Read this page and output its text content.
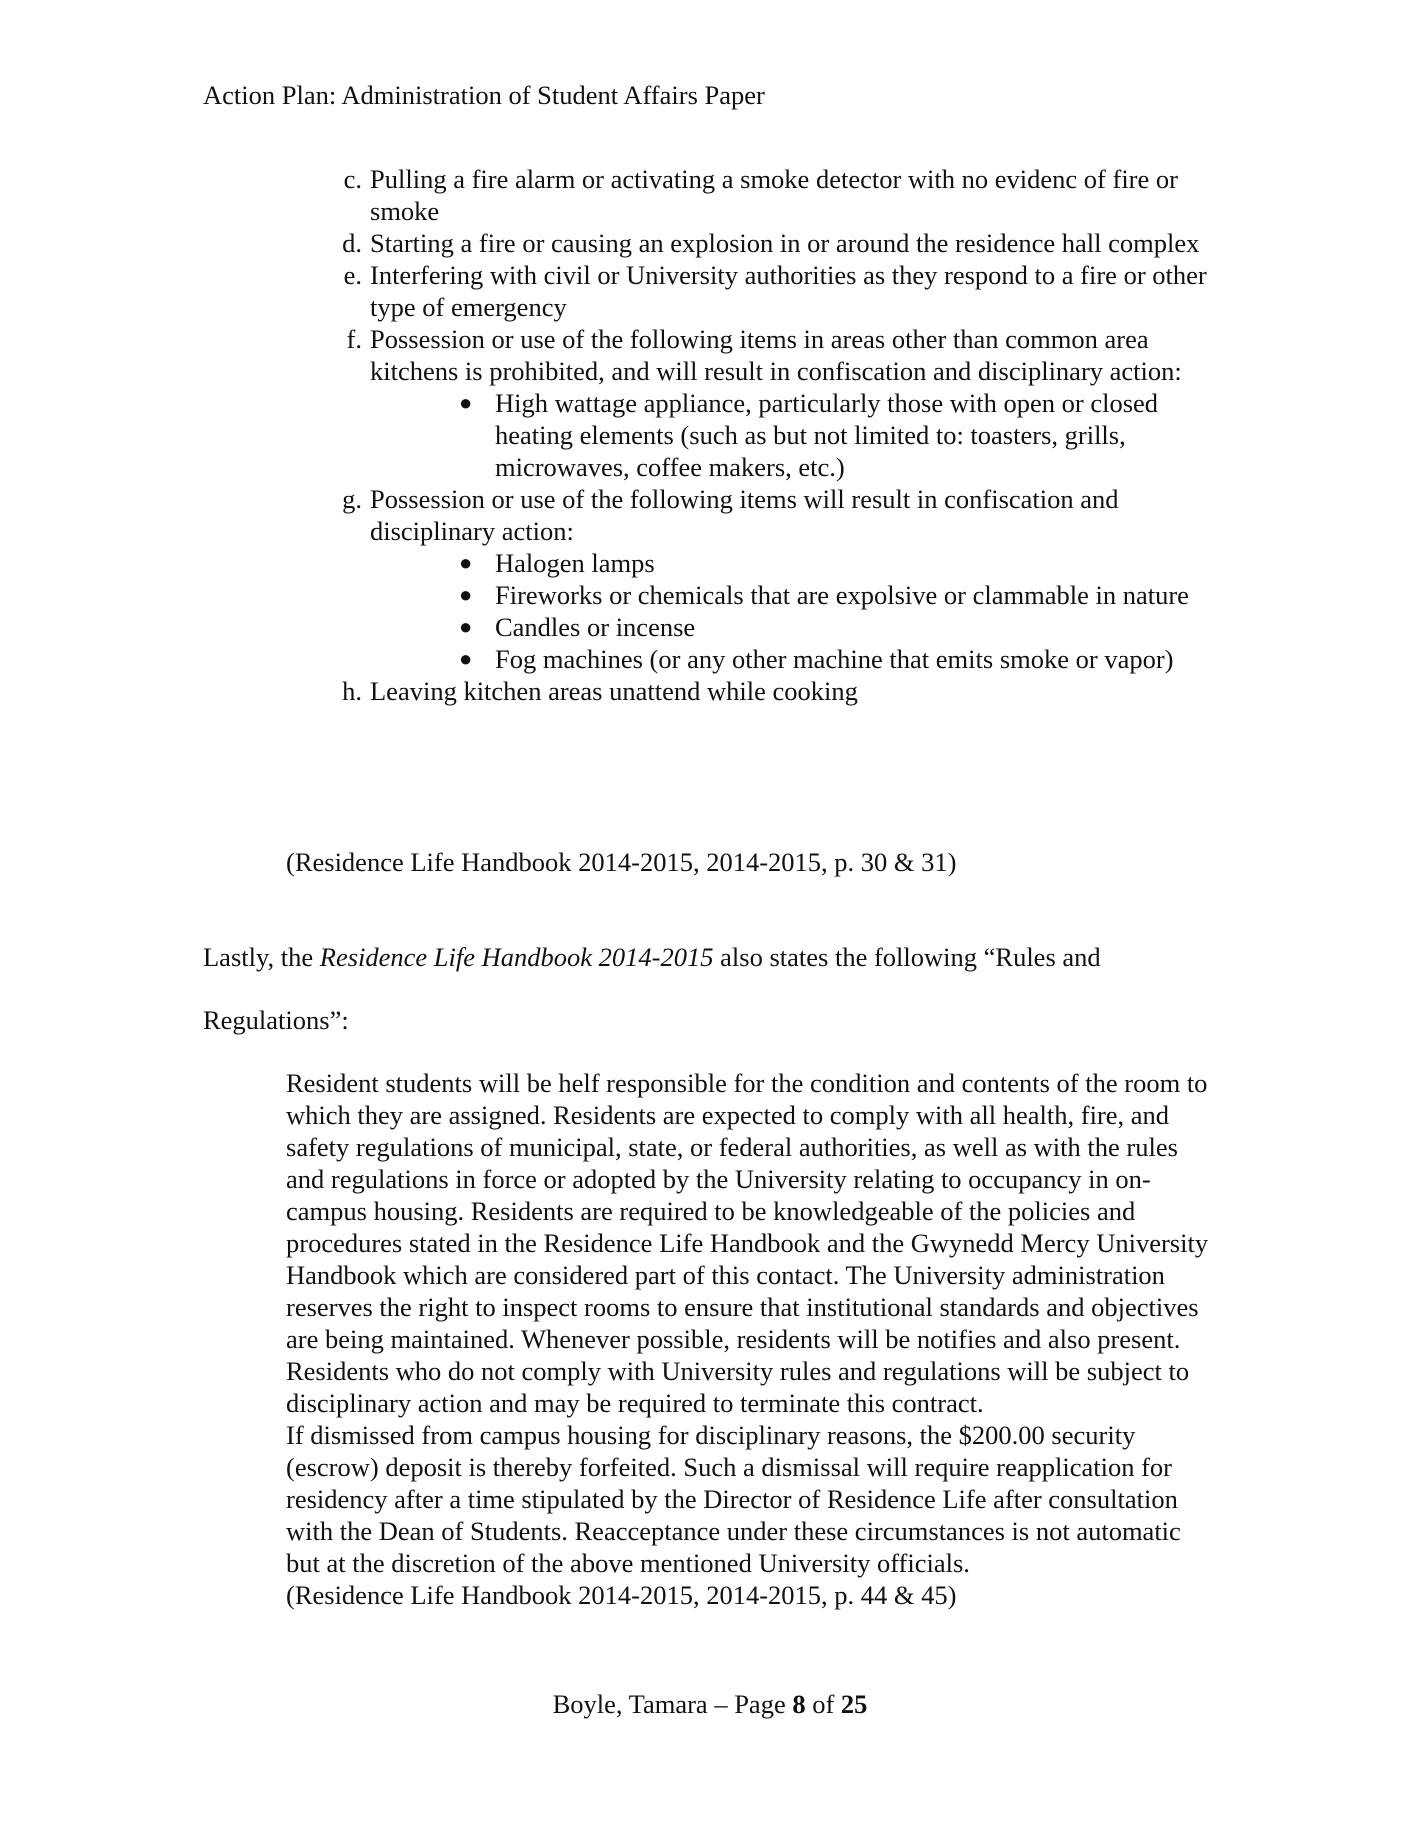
Action Plan: Administration of Student Affairs Paper
c. Pulling a fire alarm or activating a smoke detector with no evidenc of fire or smoke
d. Starting a fire or causing an explosion in or around the residence hall complex
e. Interfering with civil or University authorities as they respond to a fire or other type of emergency
f. Possession or use of the following items in areas other than common area kitchens is prohibited, and will result in confiscation and disciplinary action:
● High wattage appliance, particularly those with open or closed heating elements (such as but not limited to: toasters, grills, microwaves, coffee makers, etc.)
g. Possession or use of the following items will result in confiscation and disciplinary action:
● Halogen lamps
● Fireworks or chemicals that are expolsive or clammable in nature
● Candles or incense
● Fog machines (or any other machine that emits smoke or vapor)
h. Leaving kitchen areas unattend while cooking
(Residence Life Handbook 2014-2015, 2014-2015, p. 30 & 31)
Lastly, the Residence Life Handbook 2014-2015 also states the following “Rules and
Regulations”:

Resident students will be helf responsible for the condition and contents of the room to which they are assigned. Residents are expected to comply with all health, fire, and safety regulations of municipal, state, or federal authorities, as well as with the rules and regulations in force or adopted by the University relating to occupancy in on-campus housing. Residents are required to be knowledgeable of the policies and procedures stated in the Residence Life Handbook and the Gwynedd Mercy University Handbook which are considered part of this contact. The University administration reserves the right to inspect rooms to ensure that institutional standards and objectives are being maintained. Whenever possible, residents will be notifies and also present. Residents who do not comply with University rules and regulations will be subject to disciplinary action and may be required to terminate this contract.

If dismissed from campus housing for disciplinary reasons, the $200.00 security (escrow) deposit is thereby forfeited. Such a dismissal will require reapplication for residency after a time stipulated by the Director of Residence Life after consultation with the Dean of Students. Reacceptance under these circumstances is not automatic but at the discretion of the above mentioned University officials.

(Residence Life Handbook 2014-2015, 2014-2015, p. 44 & 45)

Boyle, Tamara – Page 8 of 25
